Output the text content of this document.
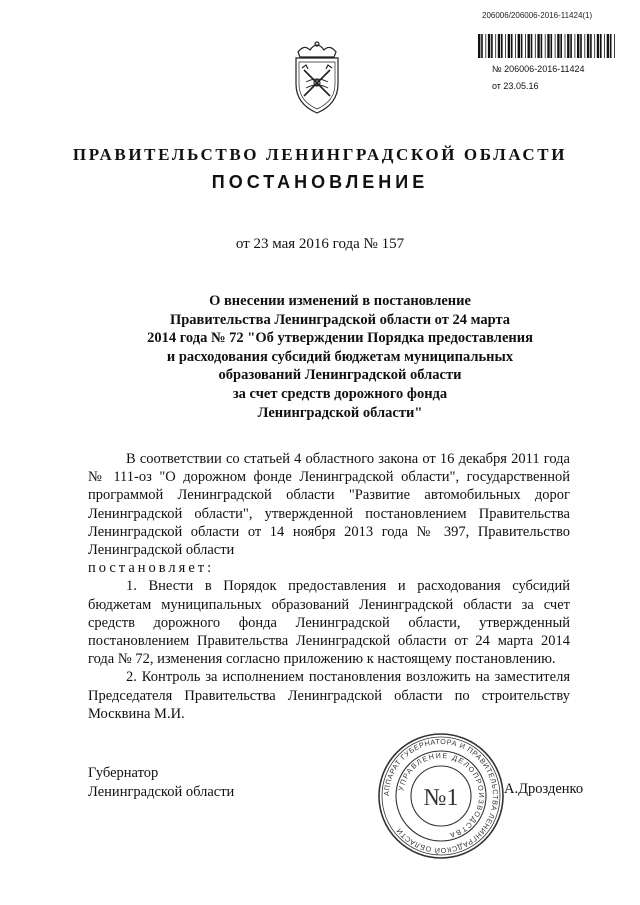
206006/206006-2016-11424(1)
№ 206006-2016-11424
от 23.05.16
ПРАВИТЕЛЬСТВО ЛЕНИНГРАДСКОЙ ОБЛАСТИ
ПОСТАНОВЛЕНИЕ
от 23 мая 2016 года № 157
О внесении изменений в постановление
Правительства Ленинградской области от 24 марта
2014 года № 72 "Об утверждении Порядка предоставления
и расходования субсидий бюджетам муниципальных
образований Ленинградской области
за счет средств дорожного фонда
Ленинградской области"

В соответствии со статьей 4 областного закона от 16 декабря 2011 года № 111-оз "О дорожном фонде Ленинградской области", государственной программой Ленинградской области "Развитие автомобильных дорог Ленинградской области", утвержденной постановлением Правительства Ленинградской области от 14 ноября 2013 года № 397, Правительство Ленинградской области

постановляет:

1. Внести в Порядок предоставления и расходования субсидий бюджетам муниципальных образований Ленинградской области за счет средств дорожного фонда Ленинградской области, утвержденный постановлением Правительства Ленинградской области от 24 марта 2014 года № 72, изменения согласно приложению к настоящему постановлению.

2. Контроль за исполнением постановления возложить на заместителя Председателя Правительства Ленинградской области по строительству Москвина М.И.

Губернатор
Ленинградской области	А.Дрозденко
АППАРАТ ГУБЕРНАТОРА И ПРАВИТЕЛЬСТВА ЛЕНИНГРАДСКОЙ ОБЛАСТИ
УПРАВЛЕНИЕ ДЕЛОПРОИЗВОДСТВА
№1
